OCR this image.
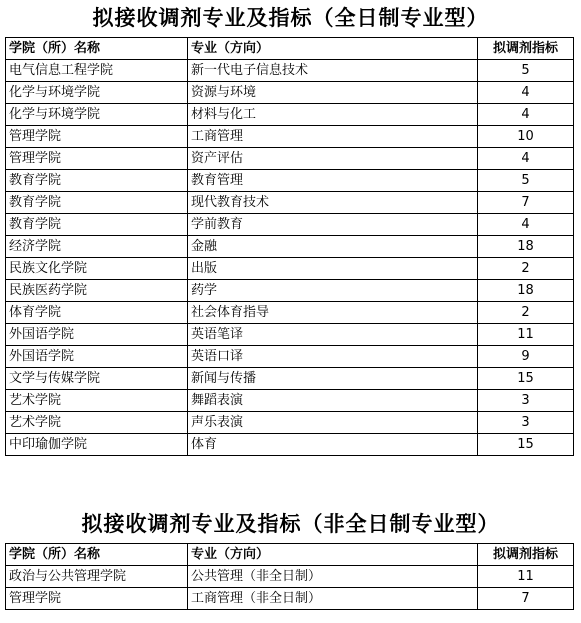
拟接收调剂专业及指标（全日制专业型）
学院（所）名称	专业（方向）	拟调剂指标
电气信息工程学院	新一代电子信息技术	5
化学与环境学院	资源与环境	4
化学与环境学院	材料与化工	4
管理学院	工商管理	10
管理学院	资产评估	4
教育学院	教育管理	5
教育学院	现代教育技术	7
教育学院	学前教育	4
经济学院	金融	18
民族文化学院	出版	2
民族医药学院	药学	18
体育学院	社会体育指导	2
外国语学院	英语笔译	11
外国语学院	英语口译	9
文学与传媒学院	新闻与传播	15
艺术学院	舞蹈表演	3
艺术学院	声乐表演	3
中印瑜伽学院	体育	15
拟接收调剂专业及指标（非全日制专业型）
学院（所）名称	专业（方向）	拟调剂指标
政治与公共管理学院	公共管理（非全日制）	11
管理学院	工商管理（非全日制）	7
